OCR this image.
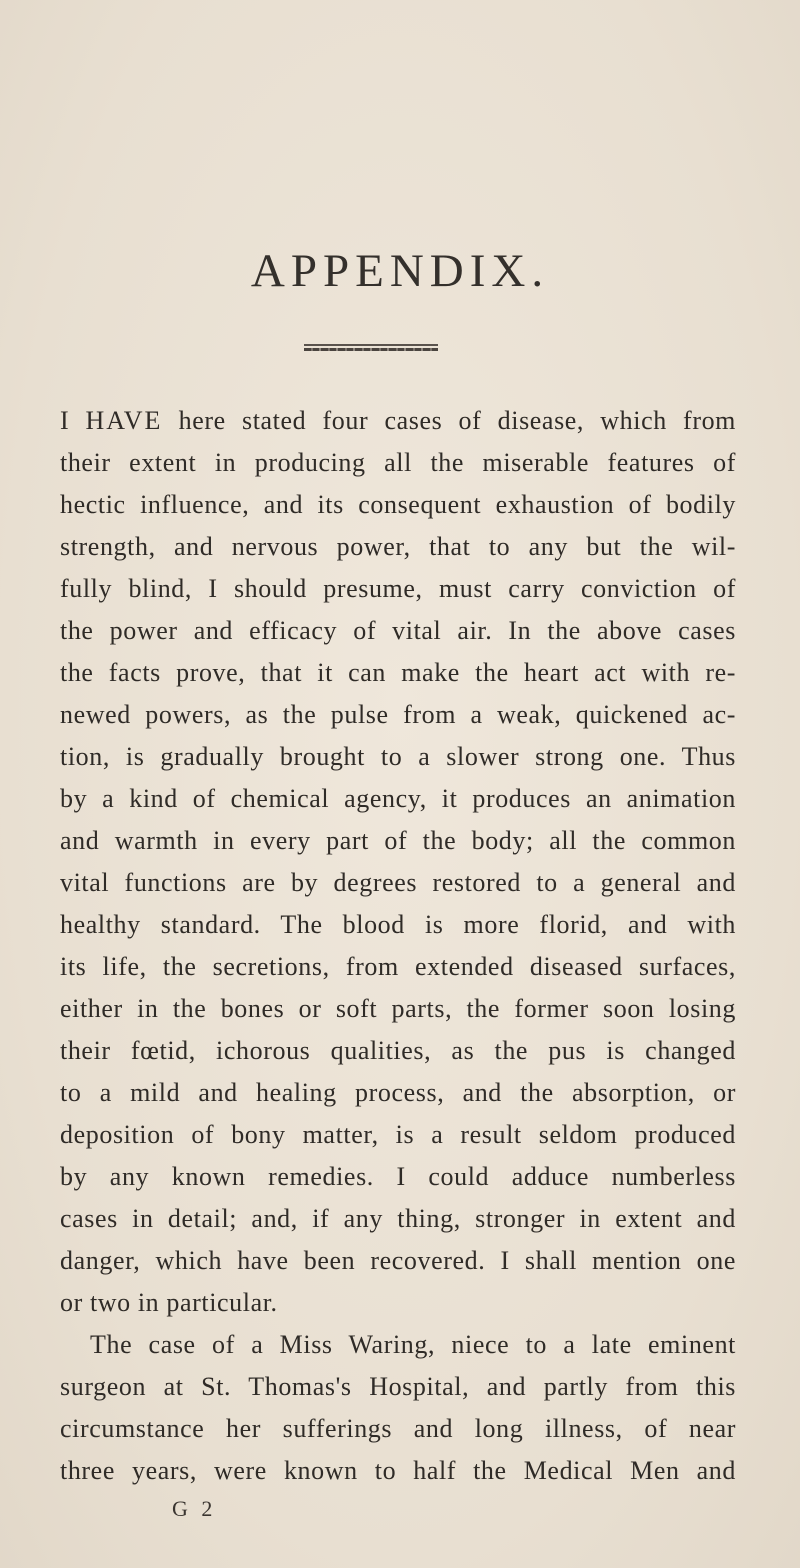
APPENDIX.
I HAVE here stated four cases of disease, which from
their extent in producing all the miserable features of
hectic influence, and its consequent exhaustion of bodily
strength, and nervous power, that to any but the wil-
fully blind, I should presume, must carry conviction of
the power and efficacy of vital air. In the above cases
the facts prove, that it can make the heart act with re-
newed powers, as the pulse from a weak, quickened ac-
tion, is gradually brought to a slower strong one. Thus
by a kind of chemical agency, it produces an animation
and warmth in every part of the body; all the common
vital functions are by degrees restored to a general and
healthy standard. The blood is more florid, and with
its life, the secretions, from extended diseased surfaces,
either in the bones or soft parts, the former soon losing
their fœtid, ichorous qualities, as the pus is changed
to a mild and healing process, and the absorption, or
deposition of bony matter, is a result seldom produced
by any known remedies. I could adduce numberless
cases in detail; and, if any thing, stronger in extent and
danger, which have been recovered. I shall mention one
or two in particular.
The case of a Miss Waring, niece to a late eminent
surgeon at St. Thomas's Hospital, and partly from this
circumstance her sufferings and long illness, of near
three years, were known to half the Medical Men and
G 2
